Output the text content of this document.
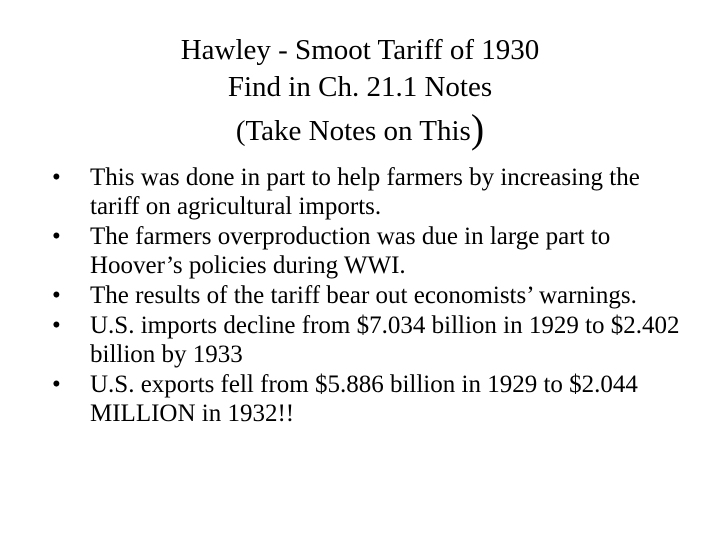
Hawley - Smoot Tariff of 1930
Find in Ch. 21.1 Notes
(Take Notes on This)
•	This was done in part to help farmers by increasing the tariff on agricultural imports.
•	The farmers overproduction was due in large part to Hoover’s policies during WWI.
•	The results of the tariff bear out economists’ warnings.
•	U.S. imports decline from $7.034 billion in 1929 to $2.402 billion by 1933
•	U.S. exports fell from $5.886 billion in 1929 to $2.044 MILLION in 1932!!
